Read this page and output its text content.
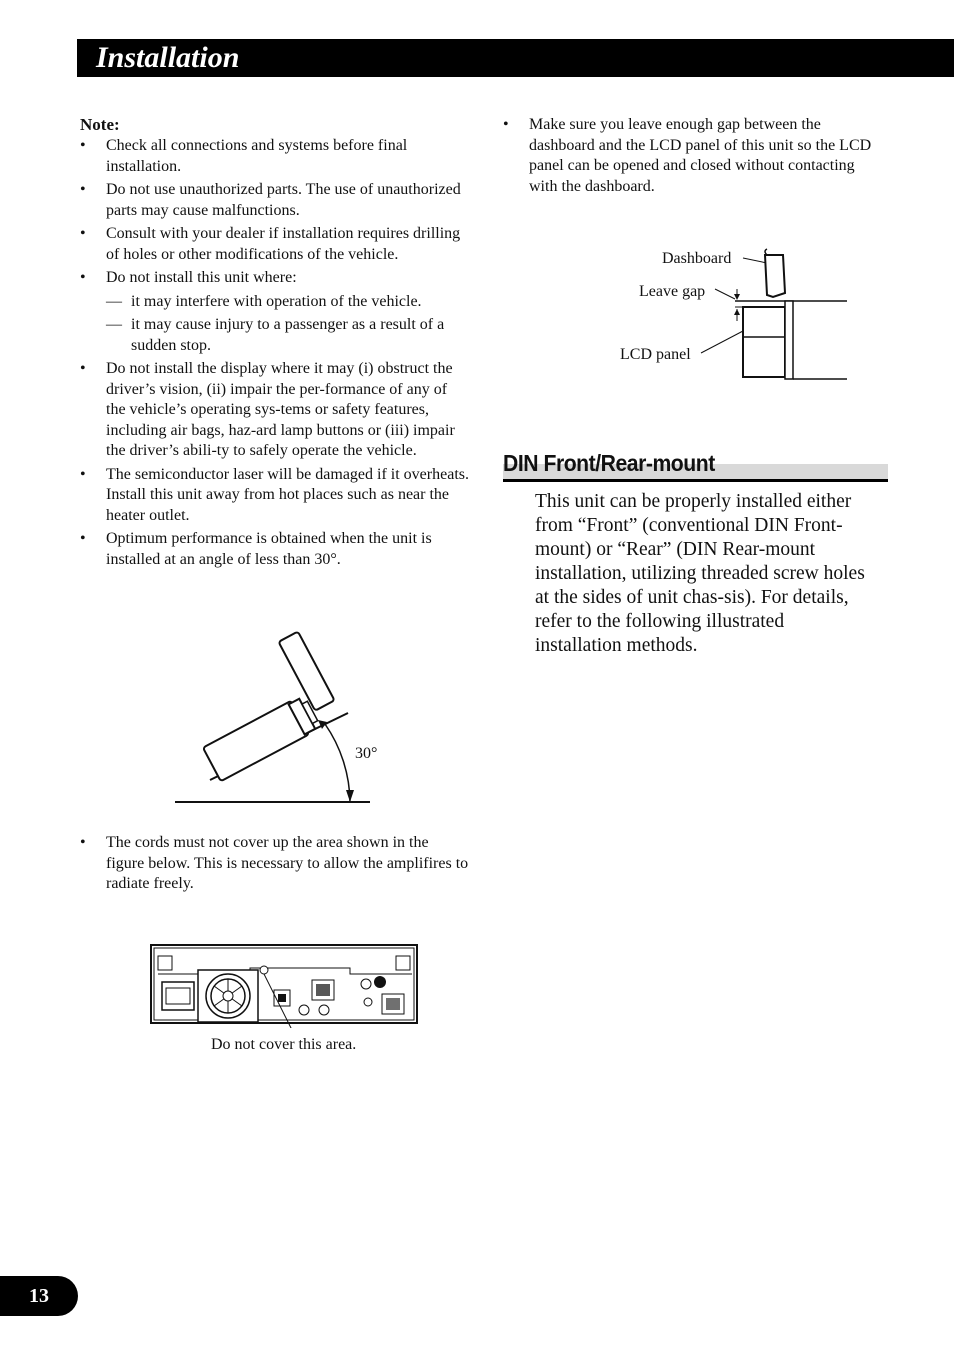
Installation
Note:
• Check all connections and systems before final installation.
• Do not use unauthorized parts. The use of unauthorized parts may cause malfunctions.
• Consult with your dealer if installation requires drilling of holes or other modifications of the vehicle.
• Do not install this unit where:
— it may interfere with operation of the vehicle.
— it may cause injury to a passenger as a result of a sudden stop.
• Do not install the display where it may (i) obstruct the driver’s vision, (ii) impair the per-formance of any of the vehicle’s operating sys-tems or safety features, including air bags, haz-ard lamp buttons or (iii) impair the driver’s abili-ty to safely operate the vehicle.
• The semiconductor laser will be damaged if it overheats. Install this unit away from hot places such as near the heater outlet.
• Optimum performance is obtained when the unit is installed at an angle of less than 30°.
30°
• The cords must not cover up the area shown in the figure below. This is necessary to allow the amplifires to radiate freely.
Do not cover this area.
• Make sure you leave enough gap between the dashboard and the LCD panel of this unit so the LCD panel can be opened and closed without contacting with the dashboard.
Dashboard
Leave gap
LCD panel
DIN Front/Rear-mount

This unit can be properly installed either from “Front” (conventional DIN Front-mount) or “Rear” (DIN Rear-mount installation, utilizing threaded screw holes at the sides of unit chas-sis). For details, refer to the following illustrated installation methods.

13
